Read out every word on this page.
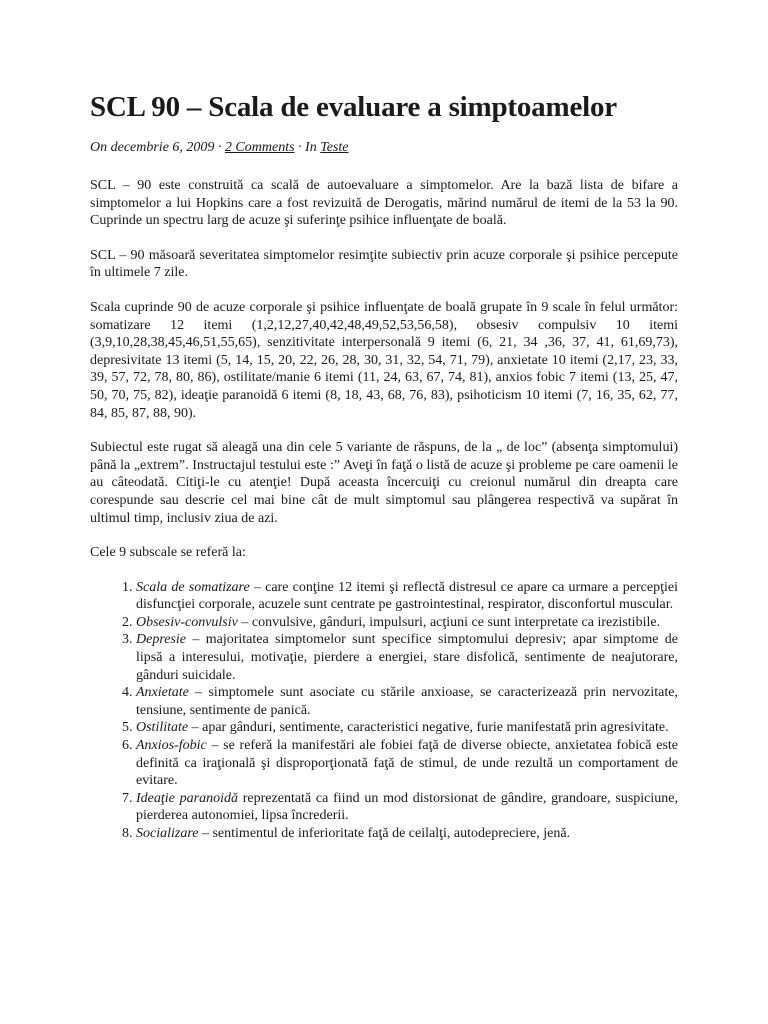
SCL 90 – Scala de evaluare a simptoamelor
On decembrie 6, 2009 · 2 Comments · In Teste

SCL – 90 este construită ca scală de autoevaluare a simptomelor. Are la bază lista de bifare a simptomelor a lui Hopkins care a fost revizuită de Derogatis, mărind numărul de itemi de la 53 la 90. Cuprinde un spectru larg de acuze şi suferinţe psihice influenţate de boală.

SCL – 90 măsoară severitatea simptomelor resimţite subiectiv prin acuze corporale şi psihice percepute în ultimele 7 zile.

Scala cuprinde 90 de acuze corporale şi psihice influenţate de boală grupate în 9 scale în felul următor: somatizare 12 itemi (1,2,12,27,40,42,48,49,52,53,56,58), obsesiv compulsiv 10 itemi (3,9,10,28,38,45,46,51,55,65), senzitivitate interpersonală 9 itemi (6, 21, 34 ,36, 37, 41, 61,69,73), depresivitate 13 itemi (5, 14, 15, 20, 22, 26, 28, 30, 31, 32, 54, 71, 79), anxietate 10 itemi (2,17, 23, 33, 39, 57, 72, 78, 80, 86), ostilitate/manie 6 itemi (11, 24, 63, 67, 74, 81), anxios fobic 7 itemi (13, 25, 47, 50, 70, 75, 82), ideaţie paranoidă 6 itemi (8, 18, 43, 68, 76, 83), psihoticism 10 itemi (7, 16, 35, 62, 77, 84, 85, 87, 88, 90).

Subiectul este rugat să aleagă una din cele 5 variante de răspuns, de la „ de loc” (absenţa simptomului) până la „extrem”. Instructajul testului este :” Aveţi în faţă o listă de acuze şi probleme pe care oamenii le au câteodată. Citiţi-le cu atenţie! După aceasta încercuiţi cu creionul numărul din dreapta care corespunde sau descrie cel mai bine cât de mult simptomul sau plângerea respectivă va supărat în ultimul timp, inclusiv ziua de azi.

Cele 9 subscale se referă la:

1. Scala de somatizare – care conţine 12 itemi şi reflectă distresul ce apare ca urmare a percepţiei disfuncţiei corporale, acuzele sunt centrate pe gastrointestinal, respirator, disconfortul muscular.
2. Obsesiv-convulsiv – convulsive, gânduri, impulsuri, acţiuni ce sunt interpretate ca irezistibile.
3. Depresie – majoritatea simptomelor sunt specifice simptomului depresiv; apar simptome de lipsă a interesului, motivaţie, pierdere a energiei, stare disfolică, sentimente de neajutorare, gânduri suicidale.
4. Anxietate – simptomele sunt asociate cu stările anxioase, se caracterizează prin nervozitate, tensiune, sentimente de panică.
5. Ostilitate – apar gânduri, sentimente, caracteristici negative, furie manifestată prin agresivitate.
6. Anxios-fobic – se referă la manifestări ale fobiei faţă de diverse obiecte, anxietatea fobică este definită ca iraţională şi disproporţionată faţă de stimul, de unde rezultă un comportament de evitare.
7. Ideaţie paranoidă reprezentată ca fiind un mod distorsionat de gândire, grandoare, suspiciune, pierderea autonomiei, lipsa încrederii.
8. Socializare – sentimentul de inferioritate faţă de ceilalţi, autodepreciere, jenă.
